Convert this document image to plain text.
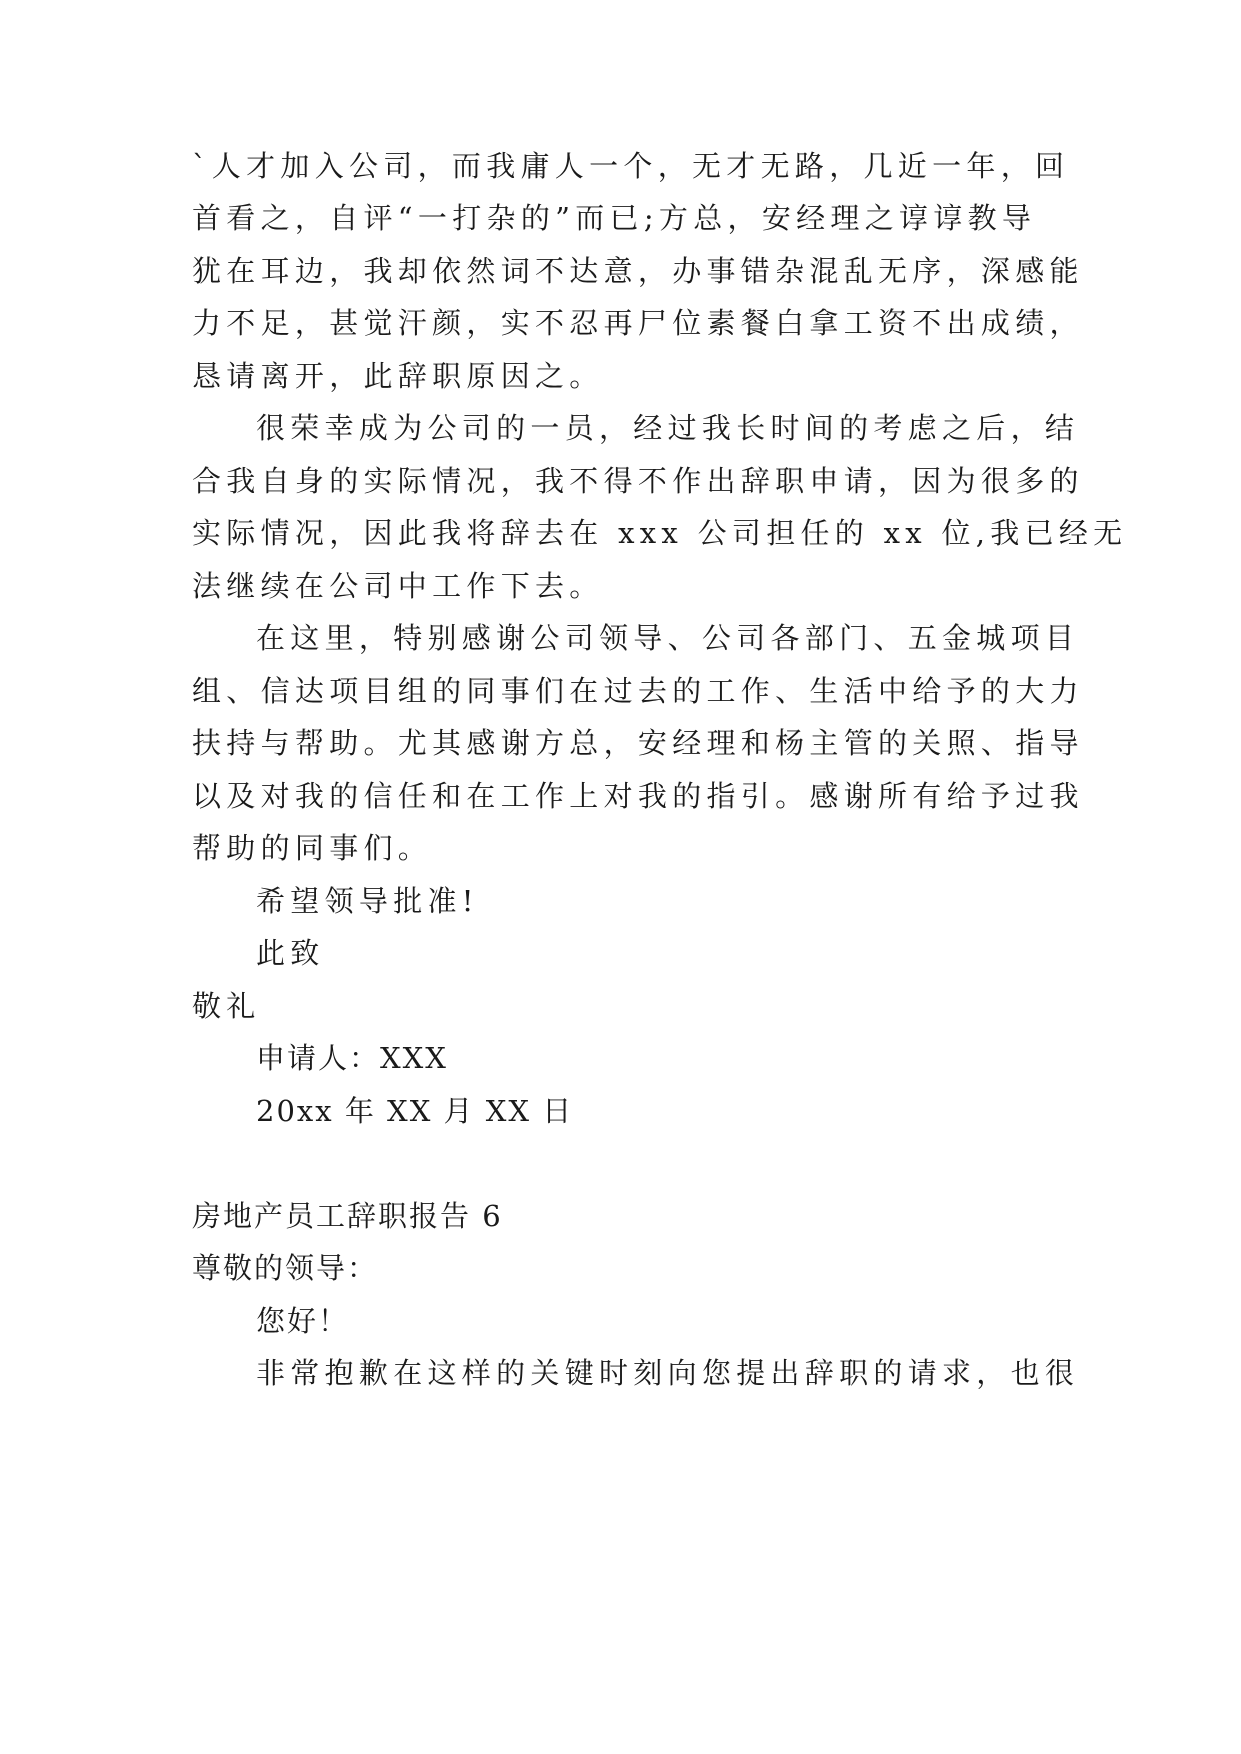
`人才加入公司，而我庸人一个，无才无路，几近一年，回
首看之，自评“一打杂的”而已;方总，安经理之谆谆教导
犹在耳边，我却依然词不达意，办事错杂混乱无序，深感能
力不足，甚觉汗颜，实不忍再尸位素餐白拿工资不出成绩，
恳请离开，此辞职原因之。
很荣幸成为公司的一员，经过我长时间的考虑之后，结
合我自身的实际情况，我不得不作出辞职申请，因为很多的
实际情况，因此我将辞去在 xxx 公司担任的 xx 位,我已经无
法继续在公司中工作下去。
在这里，特别感谢公司领导、公司各部门、五金城项目
组、信达项目组的同事们在过去的工作、生活中给予的大力
扶持与帮助。尤其感谢方总，安经理和杨主管的关照、指导
以及对我的信任和在工作上对我的指引。感谢所有给予过我
帮助的同事们。
希望领导批准!
此致
敬礼
申请人：XXX
20xx 年 XX 月 XX 日
房地产员工辞职报告 6
尊敬的领导：
您好！
非常抱歉在这样的关键时刻向您提出辞职的请求，也很
